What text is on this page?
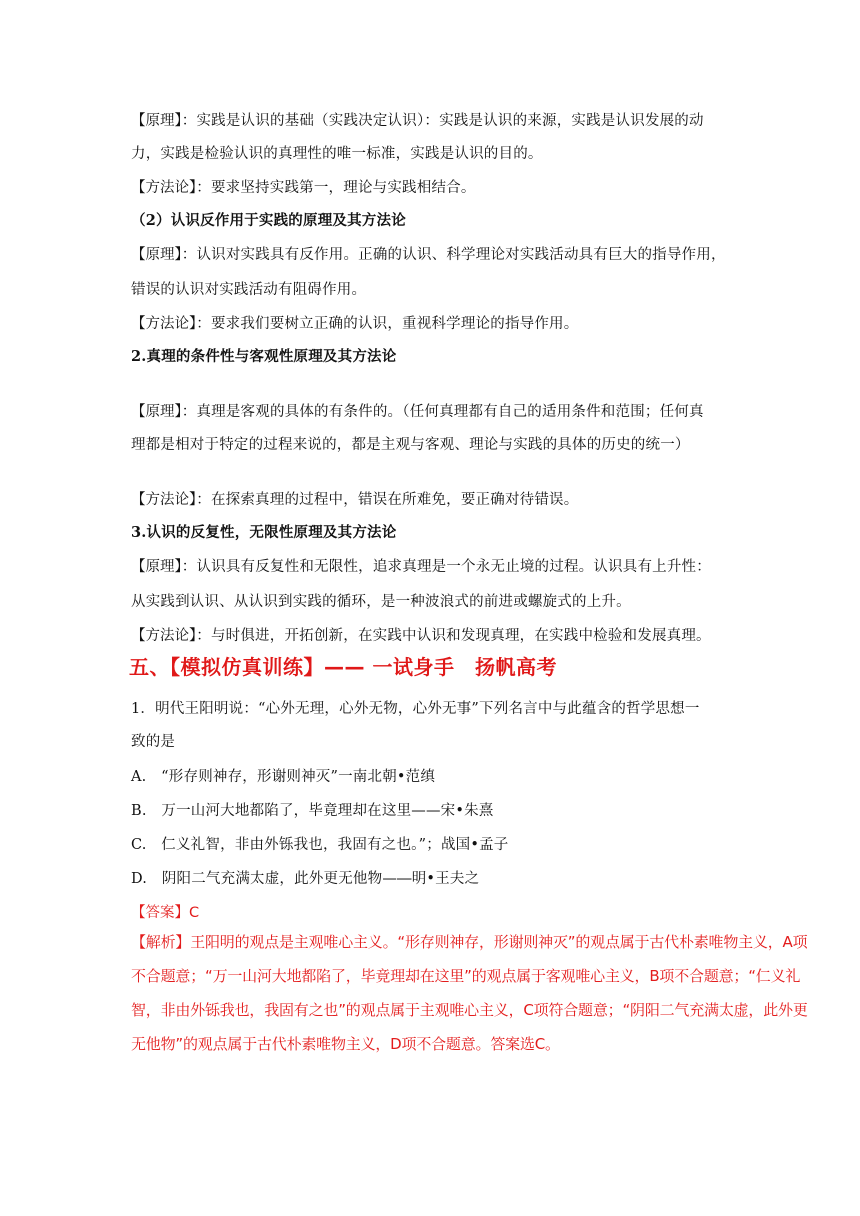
【原理】：实践是认识的基础（实践决定认识）：实践是认识的来源，实践是认识发展的动
力，实践是检验认识的真理性的唯一标准，实践是认识的目的。
【方法论】：要求坚持实践第一，理论与实践相结合。
（2）认识反作用于实践的原理及其方法论
【原理】：认识对实践具有反作用。正确的认识、科学理论对实践活动具有巨大的指导作用，
错误的认识对实践活动有阻碍作用。
【方法论】：要求我们要树立正确的认识，重视科学理论的指导作用。
2.真理的条件性与客观性原理及其方法论
【原理】：真理是客观的具体的有条件的。（任何真理都有自己的适用条件和范围；任何真
理都是相对于特定的过程来说的，都是主观与客观、理论与实践的具体的历史的统一）
【方法论】：在探索真理的过程中，错误在所难免，要正确对待错误。
3.认识的反复性，无限性原理及其方法论
【原理】：认识具有反复性和无限性，追求真理是一个永无止境的过程。认识具有上升性：
从实践到认识、从认识到实践的循环，是一种波浪式的前进或螺旋式的上升。
【方法论】：与时俱进，开拓创新，在实践中认识和发现真理，在实践中检验和发展真理。
五、【模拟仿真训练】—— 一试身手　扬帆高考
1．明代王阳明说：“心外无理，心外无物，心外无事”下列名言中与此蕴含的哲学思想一
致的是
A.　“形存则神存，形谢则神灭”一南北朝•范缜
B.　万一山河大地都陷了，毕竟理却在这里——宋•朱熹
C.　仁义礼智，非由外铄我也，我固有之也。”；战国•孟子
D.　阴阳二气充满太虚，此外更无他物—―明•王夫之
【答案】C
【解析】王阳明的观点是主观唯心主义。“形存则神存，形谢则神灭”的观点属于古代朴素唯物主义，A项
不合题意；“万一山河大地都陷了，毕竟理却在这里”的观点属于客观唯心主义，B项不合题意；“仁义礼
智，非由外铄我也，我固有之也”的观点属于主观唯心主义，C项符合题意；“阴阳二气充满太虚，此外更
无他物”的观点属于古代朴素唯物主义，D项不合题意。答案选C。
